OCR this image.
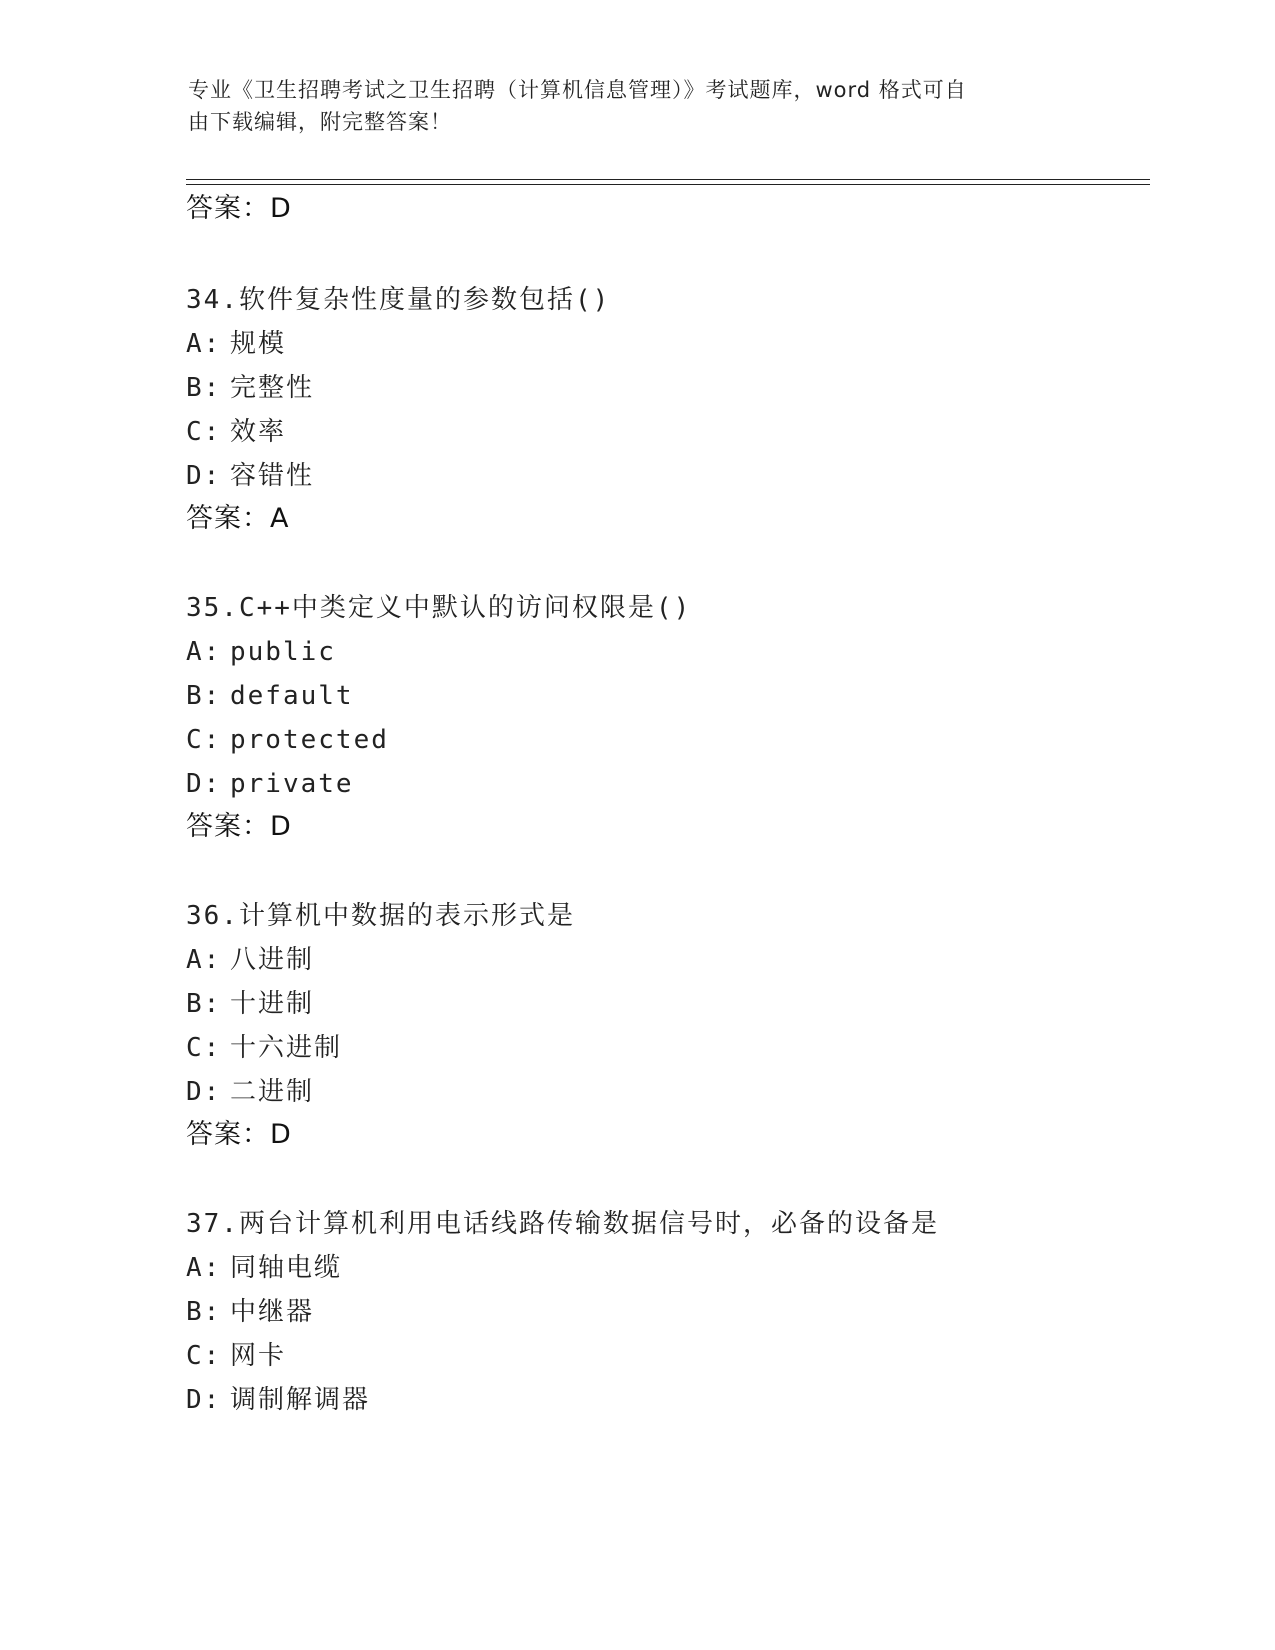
专业《卫生招聘考试之卫生招聘（计算机信息管理）》考试题库，word 格式可自
由下载编辑，附完整答案！
答案：D
34.软件复杂性度量的参数包括()
A: 规模
B: 完整性
C: 效率
D: 容错性
答案：A
35.C++中类定义中默认的访问权限是()
A: public
B: default
C: protected
D: private
答案：D
36.计算机中数据的表示形式是
A: 八进制
B: 十进制
C: 十六进制
D: 二进制
答案：D
37.两台计算机利用电话线路传输数据信号时，必备的设备是
A: 同轴电缆
B: 中继器
C: 网卡
D: 调制解调器
